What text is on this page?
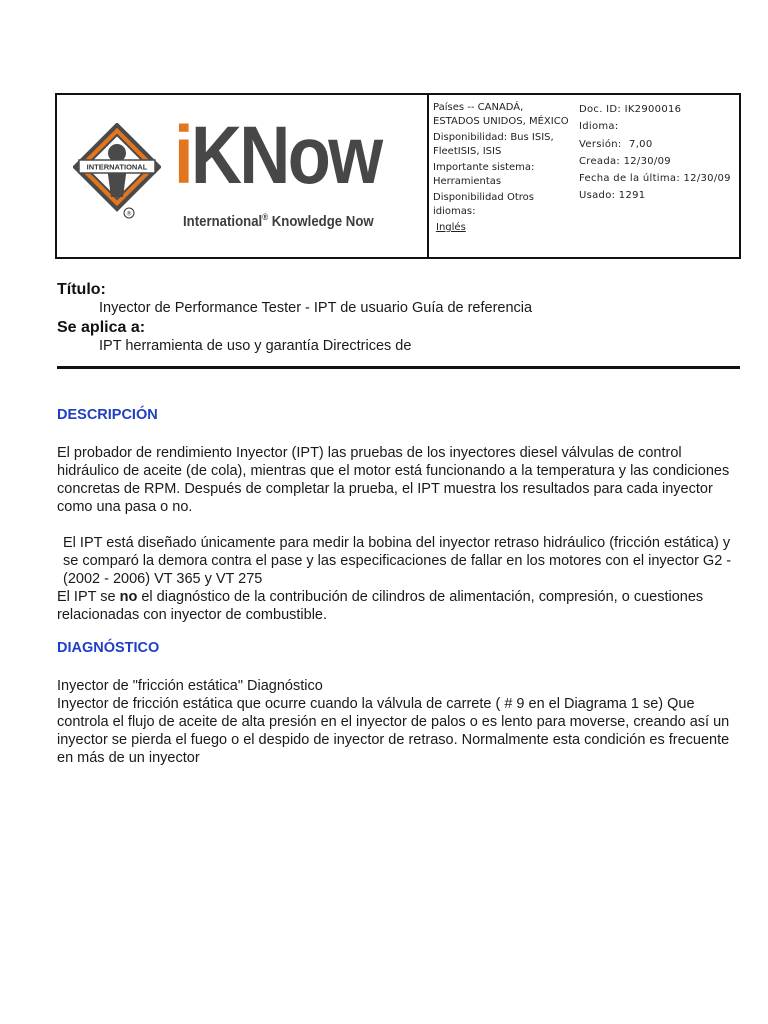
INTERNATIONAL
®
iKNow
International® Knowledge Now
Países -- CANADÁ, ESTADOS UNIDOS, MÉXICO
Disponibilidad: Bus ISIS, FleetISIS, ISIS
Importante sistema: Herramientas
Disponibilidad Otros idiomas:
Inglés
Doc. ID: IK2900016
Idioma:
Versión: 7,00
Creada: 12/30/09
Fecha de la última: 12/30/09
Usado: 1291
Título:
Inyector de Performance Tester - IPT de usuario Guía de referencia
Se aplica a:
IPT herramienta de uso y garantía Directrices de
DESCRIPCIÓN

El probador de rendimiento Inyector (IPT) las pruebas de los inyectores diesel válvulas de control hidráulico de aceite (de cola), mientras que el motor está funcionando a la temperatura y las condiciones concretas de RPM. Después de completar la prueba, el IPT muestra los resultados para cada inyector como una pasa o no.

El IPT está diseñado únicamente para medir la bobina del inyector retraso hidráulico (fricción estática) y se comparó la demora contra el pase y las especificaciones de fallar en los motores con el inyector G2 - (2002 - 2006) VT 365 y VT 275

El IPT se no el diagnóstico de la contribución de cilindros de alimentación, compresión, o cuestiones relacionadas con inyector de combustible.

DIAGNÓSTICO

Inyector de "fricción estática" Diagnóstico

Inyector de fricción estática que ocurre cuando la válvula de carrete ( # 9 en el Diagrama 1 se) Que controla el flujo de aceite de alta presión en el inyector de palos o es lento para moverse, creando así un inyector se pierda el fuego o el despido de inyector de retraso. Normalmente esta condición es frecuente en más de un inyector
